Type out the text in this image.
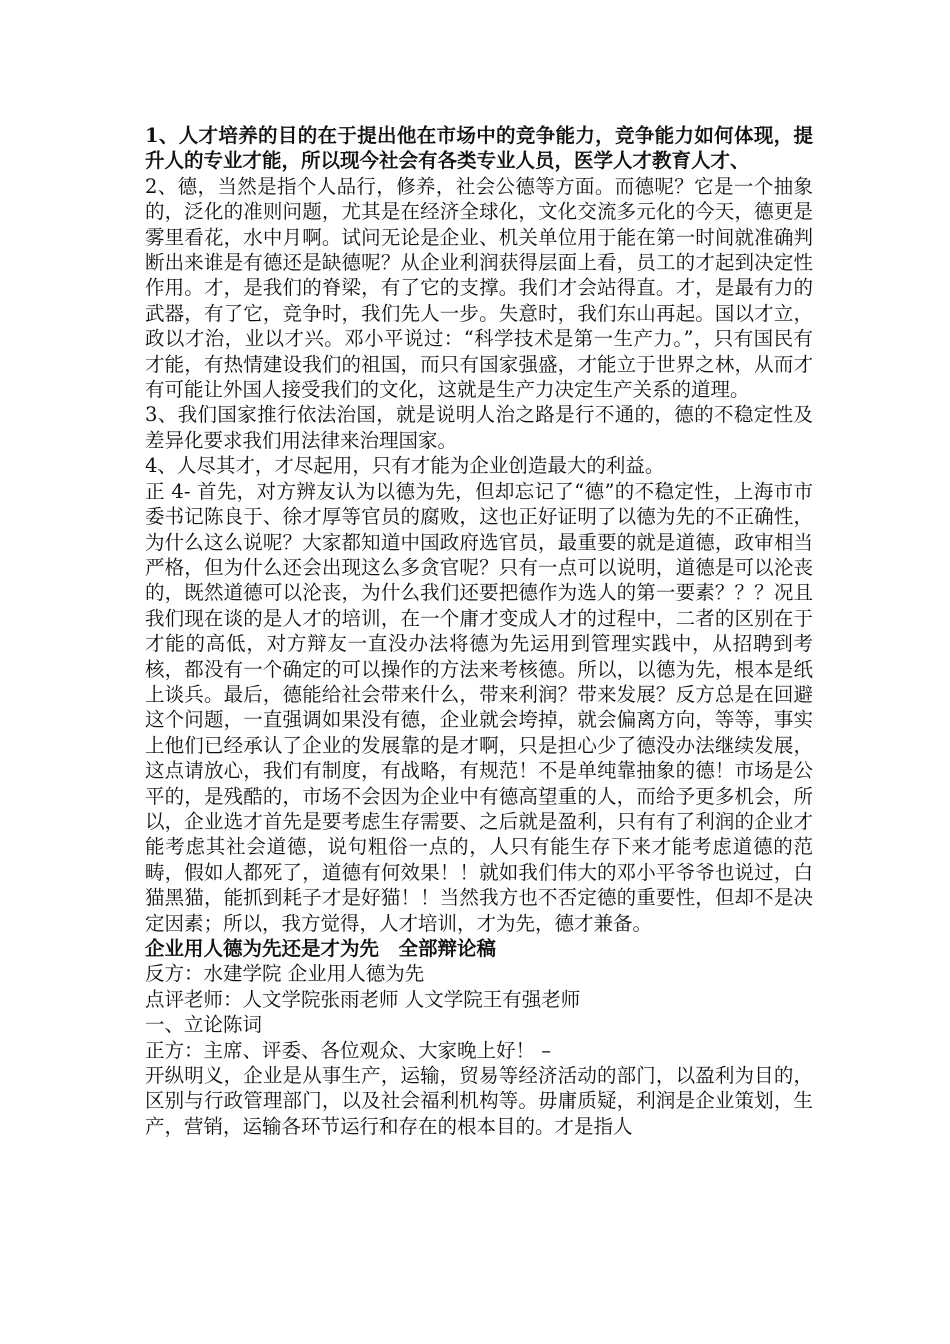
1、人才培养的目的在于提出他在市场中的竞争能力，竞争能力如何体现，提升人的专业才能，所以现今社会有各类专业人员，医学人才教育人才、

2、德，当然是指个人品行，修养，社会公德等方面。而德呢？它是一个抽象的，泛化的准则问题，尤其是在经济全球化，文化交流多元化的今天，德更是雾里看花，水中月啊。试问无论是企业、机关单位用于能在第一时间就准确判断出来谁是有德还是缺德呢？从企业利润获得层面上看，员工的才起到决定性作用。才，是我们的脊梁，有了它的支撑。我们才会站得直。才，是最有力的武器，有了它，竞争时，我们先人一步。失意时，我们东山再起。国以才立，政以才治，业以才兴。邓小平说过：“科学技术是第一生产力。”，只有国民有才能，有热情建设我们的祖国，而只有国家强盛，才能立于世界之林，从而才有可能让外国人接受我们的文化，这就是生产力决定生产关系的道理。

3、我们国家推行依法治国，就是说明人治之路是行不通的，德的不稳定性及差异化要求我们用法律来治理国家。

4、人尽其才，才尽起用，只有才能为企业创造最大的利益。

正 4- 首先，对方辨友认为以德为先，但却忘记了“德”的不稳定性，上海市市委书记陈良于、徐才厚等官员的腐败，这也正好证明了以德为先的不正确性，为什么这么说呢？大家都知道中国政府选官员，最重要的就是道德，政审相当严格，但为什么还会出现这么多贪官呢？只有一点可以说明，道德是可以沦丧的，既然道德可以沦丧，为什么我们还要把德作为选人的第一要素？？？况且我们现在谈的是人才的培训，在一个庸才变成人才的过程中，二者的区别在于才能的高低，对方辩友一直没办法将德为先运用到管理实践中，从招聘到考核，都没有一个确定的可以操作的方法来考核德。所以，以德为先，根本是纸上谈兵。最后，德能给社会带来什么，带来利润？带来发展？反方总是在回避这个问题，一直强调如果没有德，企业就会垮掉，就会偏离方向，等等，事实上他们已经承认了企业的发展靠的是才啊，只是担心少了德没办法继续发展，这点请放心，我们有制度，有战略，有规范！不是单纯靠抽象的德！市场是公平的，是残酷的，市场不会因为企业中有德高望重的人，而给予更多机会，所以，企业选才首先是要考虑生存需要、之后就是盈利，只有有了利润的企业才能考虑其社会道德，说句粗俗一点的，人只有能生存下来才能考虑道德的范畴，假如人都死了，道德有何效果！！就如我们伟大的邓小平爷爷也说过，白猫黑猫，能抓到耗子才是好猫！！当然我方也不否定德的重要性，但却不是决定因素；所以，我方觉得，人才培训，才为先，德才兼备。

企业用人德为先还是才为先　全部辩论稿

反方：水建学院 企业用人德为先

点评老师：人文学院张雨老师 人文学院王有强老师

一、立论陈词

正方：主席、评委、各位观众、大家晚上好！ –

开纵明义，企业是从事生产，运输，贸易等经济活动的部门，以盈利为目的，区别与行政管理部门，以及社会福利机构等。毋庸质疑，利润是企业策划，生产，营销，运输各环节运行和存在的根本目的。才是指人
